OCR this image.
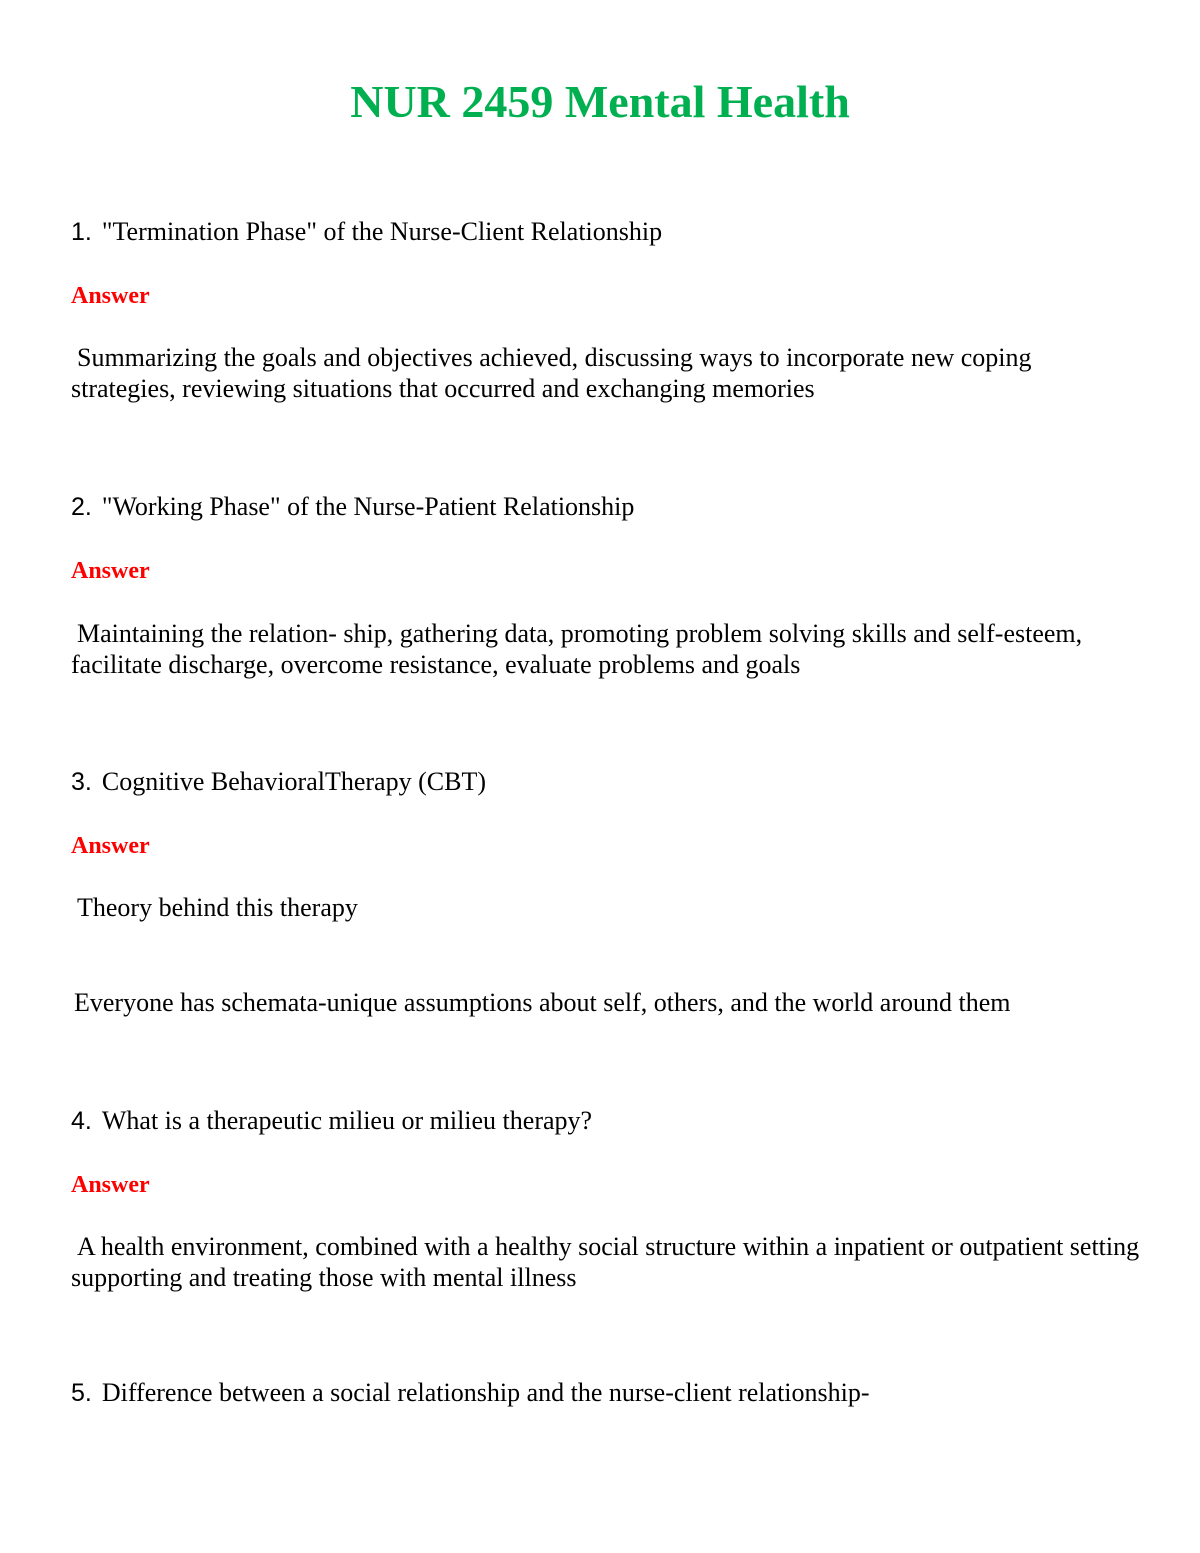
NUR 2459 Mental Health
1. "Termination Phase" of the Nurse-Client Relationship
Answer
Summarizing the goals and objectives achieved, discussing ways to incorporate new coping strategies, reviewing situations that occurred and exchanging memories
2. "Working Phase" of the Nurse-Patient Relationship
Answer
Maintaining the relation- ship, gathering data, promoting problem solving skills and self-esteem, facilitate discharge, overcome resistance, evaluate problems and goals
3. Cognitive BehavioralTherapy (CBT)
Answer
Theory behind this therapy
Everyone has schemata-unique assumptions about self, others, and the world around them
4. What is a therapeutic milieu or milieu therapy?
Answer
A health environment, combined with a healthy social structure within a inpatient or outpatient setting supporting and treating those with mental illness
5. Difference between a social relationship and the nurse-client relationship-
